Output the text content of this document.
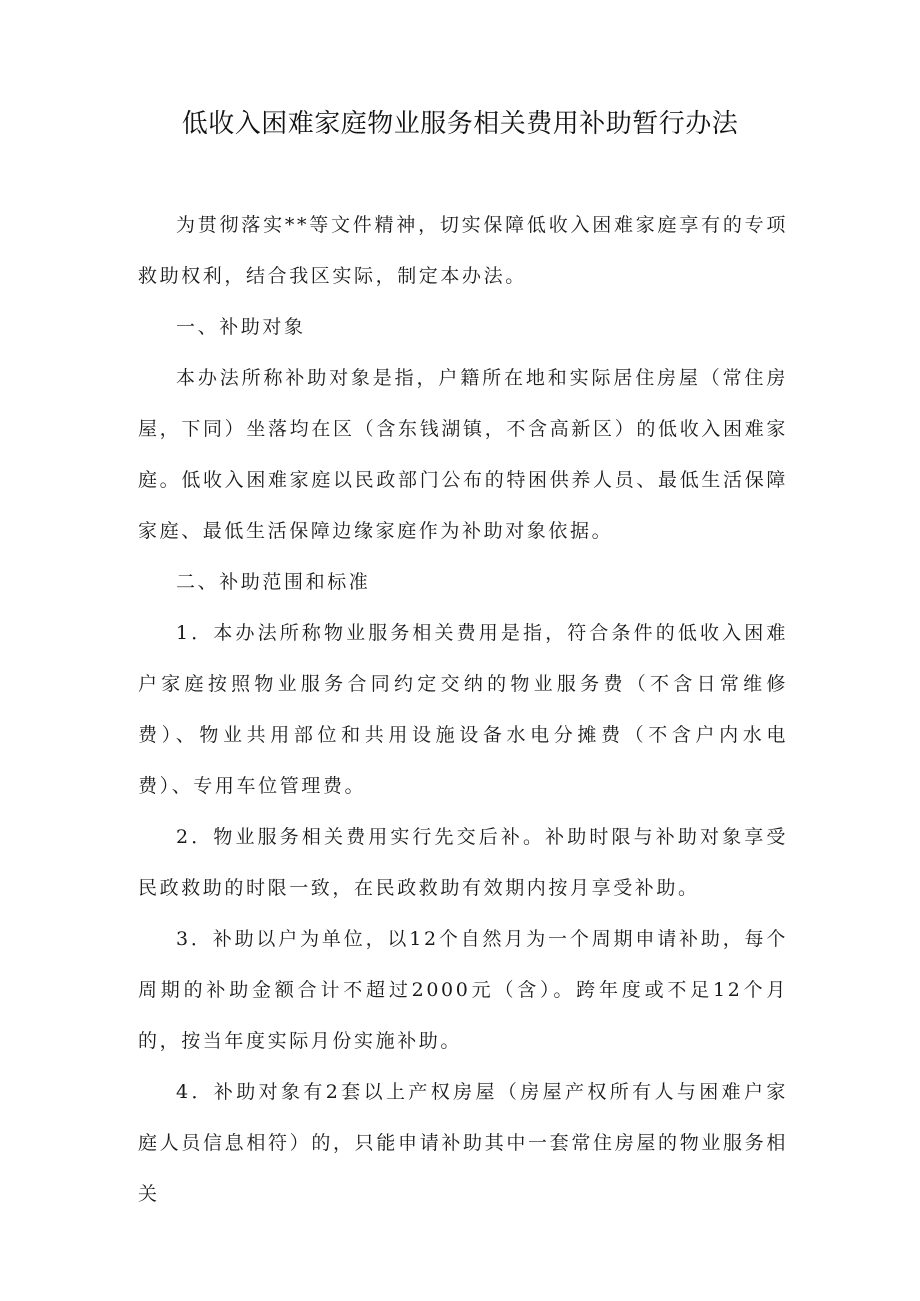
低收入困难家庭物业服务相关费用补助暂行办法

为贯彻落实**等文件精神，切实保障低收入困难家庭享有的专项救助权利，结合我区实际，制定本办法。

一、补助对象

本办法所称补助对象是指，户籍所在地和实际居住房屋（常住房屋，下同）坐落均在区（含东钱湖镇，不含高新区）的低收入困难家庭。低收入困难家庭以民政部门公布的特困供养人员、最低生活保障家庭、最低生活保障边缘家庭作为补助对象依据。

二、补助范围和标准

1．本办法所称物业服务相关费用是指，符合条件的低收入困难户家庭按照物业服务合同约定交纳的物业服务费（不含日常维修费）、物业共用部位和共用设施设备水电分摊费（不含户内水电费）、专用车位管理费。

2．物业服务相关费用实行先交后补。补助时限与补助对象享受民政救助的时限一致，在民政救助有效期内按月享受补助。

3．补助以户为单位，以12个自然月为一个周期申请补助，每个周期的补助金额合计不超过2000元（含）。跨年度或不足12个月的，按当年度实际月份实施补助。

4．补助对象有2套以上产权房屋（房屋产权所有人与困难户家庭人员信息相符）的，只能申请补助其中一套常住房屋的物业服务相关
